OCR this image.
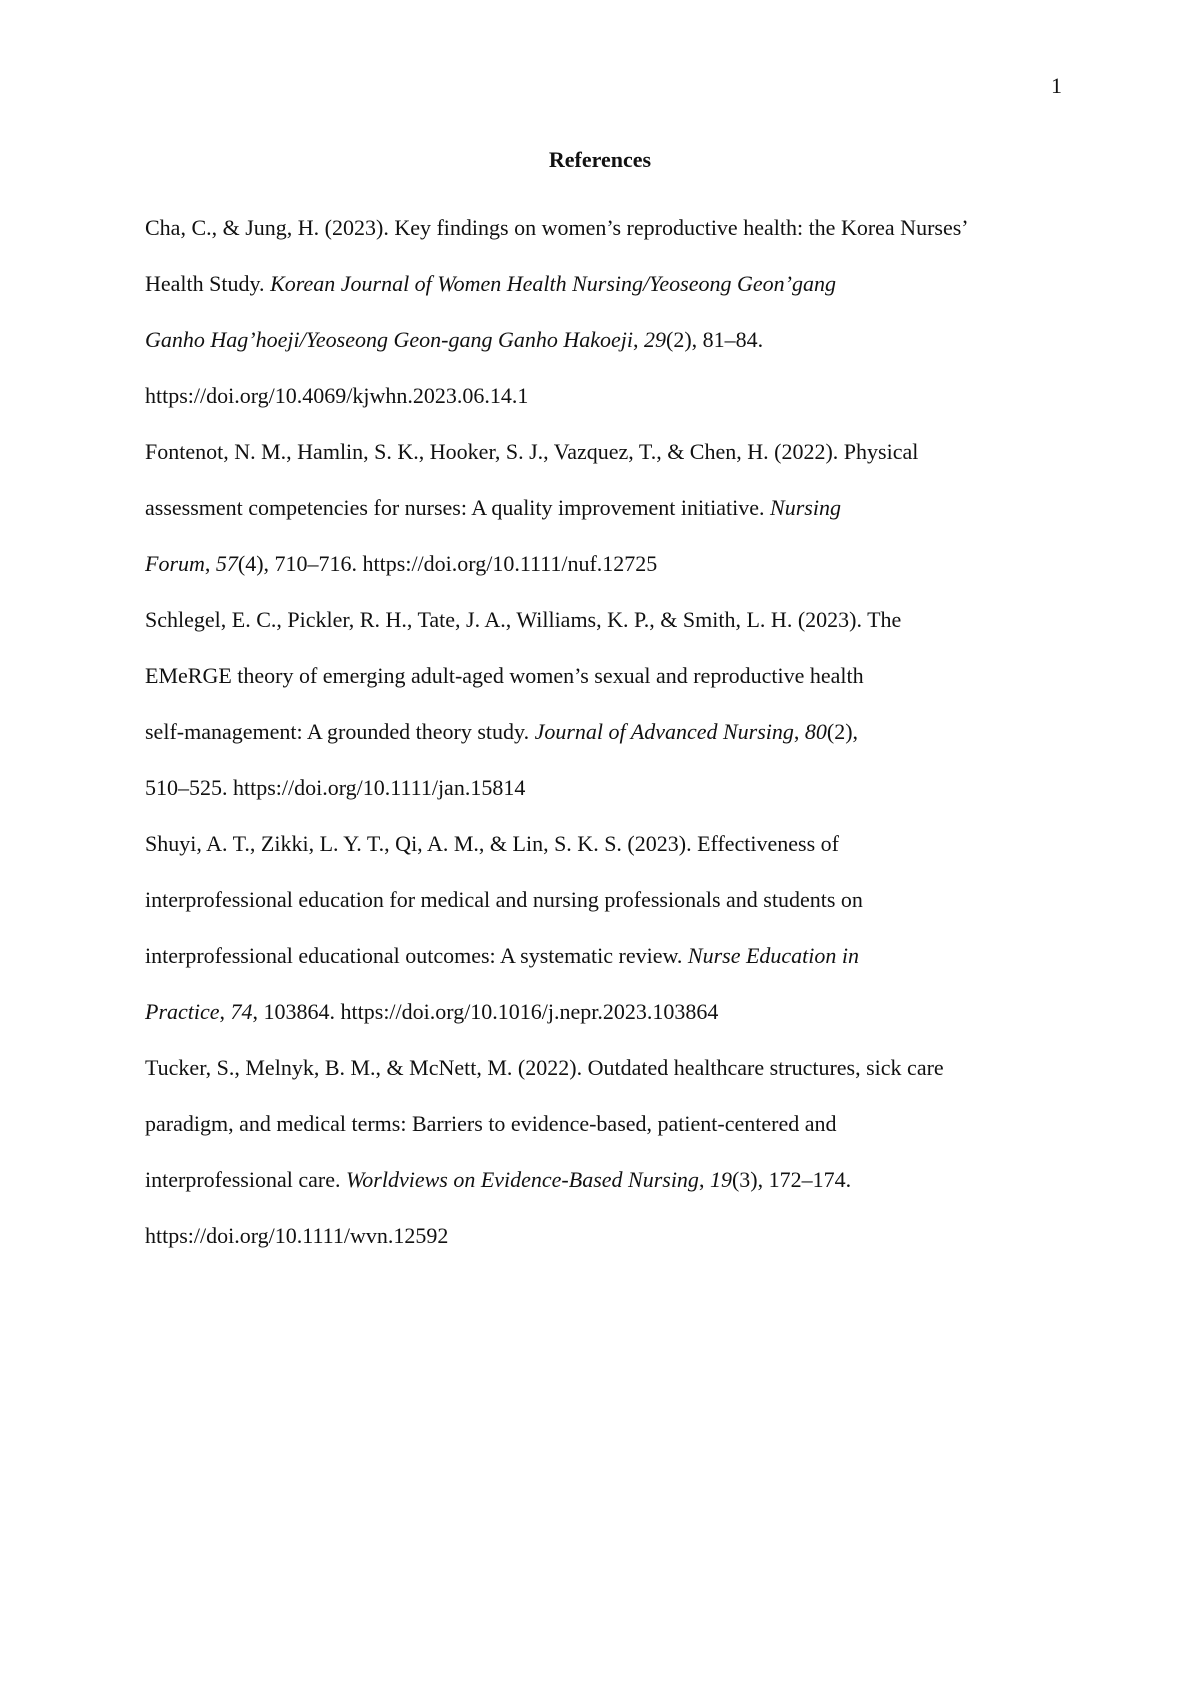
1
References

Cha, C., & Jung, H. (2023). Key findings on women’s reproductive health: the Korea Nurses’
Health Study. Korean Journal of Women Health Nursing/Yeoseong Geon’gang
Ganho Hag’hoeji/Yeoseong Geon-gang Ganho Hakoeji, 29(2), 81–84.
https://doi.org/10.4069/kjwhn.2023.06.14.1

Fontenot, N. M., Hamlin, S. K., Hooker, S. J., Vazquez, T., & Chen, H. (2022). Physical
assessment competencies for nurses: A quality improvement initiative. Nursing
Forum, 57(4), 710–716. https://doi.org/10.1111/nuf.12725

Schlegel, E. C., Pickler, R. H., Tate, J. A., Williams, K. P., & Smith, L. H. (2023). The
EMeRGE theory of emerging adult-aged women’s sexual and reproductive health
self-management: A grounded theory study. Journal of Advanced Nursing, 80(2),
510–525. https://doi.org/10.1111/jan.15814

Shuyi, A. T., Zikki, L. Y. T., Qi, A. M., & Lin, S. K. S. (2023). Effectiveness of
interprofessional education for medical and nursing professionals and students on
interprofessional educational outcomes: A systematic review. Nurse Education in
Practice, 74, 103864. https://doi.org/10.1016/j.nepr.2023.103864

Tucker, S., Melnyk, B. M., & McNett, M. (2022). Outdated healthcare structures, sick care
paradigm, and medical terms: Barriers to evidence-based, patient-centered and
interprofessional care. Worldviews on Evidence-Based Nursing, 19(3), 172–174.
https://doi.org/10.1111/wvn.12592
